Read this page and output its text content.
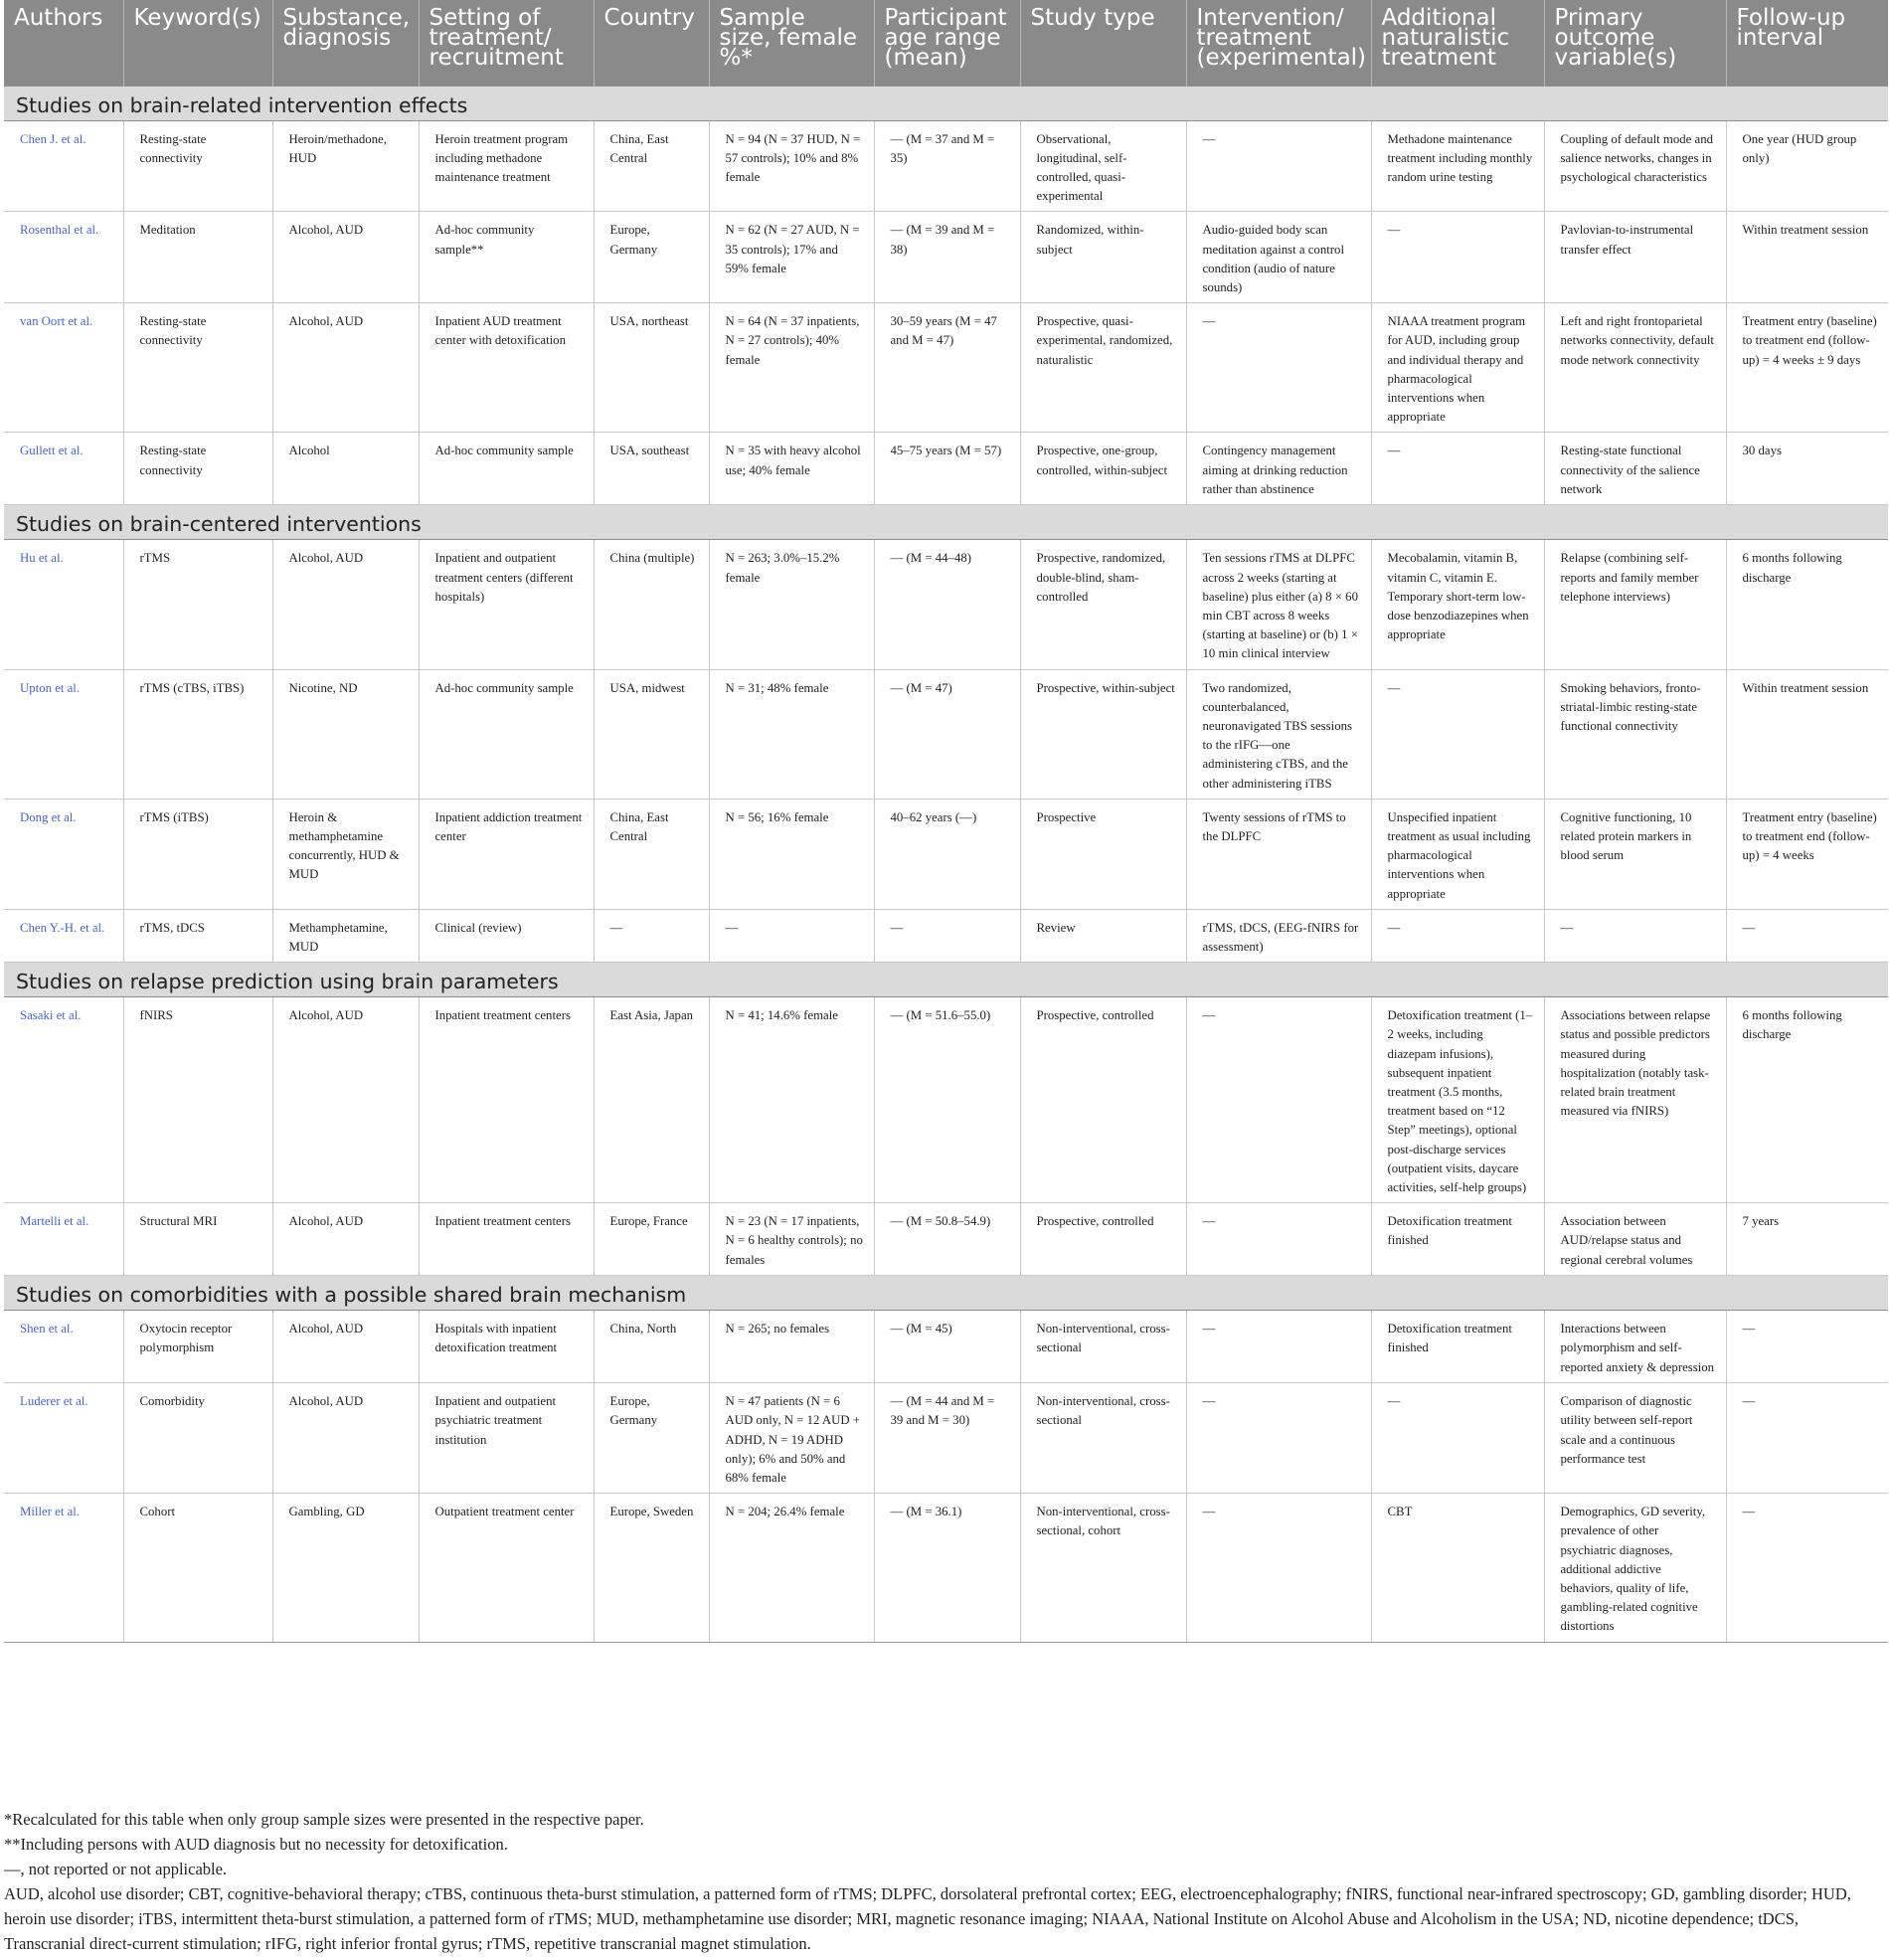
Authors	Keyword(s)	Substance, diagnosis	Setting of treatment/ recruitment	Country	Sample size, female %*	Participant age range (mean)	Study type	Intervention/ treatment (experimental)	Additional naturalistic treatment	Primary outcome variable(s)	Follow-up interval
Studies on brain-related intervention effects											
Chen J. et al.	Resting-state connectivity	Heroin/methadone, HUD	Heroin treatment program including methadone maintenance treatment	China, East Central	N = 94 (N = 37 HUD, N = 57 controls); 10% and 8% female	— (M = 37 and M = 35)	Observational, longitudinal, self-controlled, quasi-experimental	—	Methadone maintenance treatment including monthly random urine testing	Coupling of default mode and salience networks, changes in psychological characteristics	One year (HUD group only)
Rosenthal et al.	Meditation	Alcohol, AUD	Ad-hoc community sample**	Europe, Germany	N = 62 (N = 27 AUD, N = 35 controls); 17% and 59% female	— (M = 39 and M = 38)	Randomized, within-subject	Audio-guided body scan meditation against a control condition (audio of nature sounds)	—	Pavlovian-to-instrumental transfer effect	Within treatment session
van Oort et al.	Resting-state connectivity	Alcohol, AUD	Inpatient AUD treatment center with detoxification	USA, northeast	N = 64 (N = 37 inpatients, N = 27 controls); 40% female	30–59 years (M = 47 and M = 47)	Prospective, quasi-experimental, randomized, naturalistic	—	NIAAA treatment program for AUD, including group and individual therapy and pharmacological interventions when appropriate	Left and right frontoparietal networks connectivity, default mode network connectivity	Treatment entry (baseline) to treatment end (follow-up) = 4 weeks ± 9 days
Gullett et al.	Resting-state connectivity	Alcohol	Ad-hoc community sample	USA, southeast	N = 35 with heavy alcohol use; 40% female	45–75 years (M = 57)	Prospective, one-group, controlled, within-subject	Contingency management aiming at drinking reduction rather than abstinence	—	Resting-state functional connectivity of the salience network	30 days
Studies on brain-centered interventions											
Hu et al.	rTMS	Alcohol, AUD	Inpatient and outpatient treatment centers (different hospitals)	China (multiple)	N = 263; 3.0%–15.2% female	— (M = 44–48)	Prospective, randomized, double-blind, sham-controlled	Ten sessions rTMS at DLPFC across 2 weeks (starting at baseline) plus either (a) 8 × 60 min CBT across 8 weeks (starting at baseline) or (b) 1 × 10 min clinical interview	Mecobalamin, vitamin B, vitamin C, vitamin E. Temporary short-term low-dose benzodiazepines when appropriate	Relapse (combining self-reports and family member telephone interviews)	6 months following discharge
Upton et al.	rTMS (cTBS, iTBS)	Nicotine, ND	Ad-hoc community sample	USA, midwest	N = 31; 48% female	— (M = 47)	Prospective, within-subject	Two randomized, counterbalanced, neuronavigated TBS sessions to the rIFG—one administering cTBS, and the other administering iTBS	—	Smoking behaviors, fronto-striatal-limbic resting-state functional connectivity	Within treatment session
Dong et al.	rTMS (iTBS)	Heroin & methamphetamine concurrently, HUD & MUD	Inpatient addiction treatment center	China, East Central	N = 56; 16% female	40–62 years (—)	Prospective	Twenty sessions of rTMS to the DLPFC	Unspecified inpatient treatment as usual including pharmacological interventions when appropriate	Cognitive functioning, 10 related protein markers in blood serum	Treatment entry (baseline) to treatment end (follow-up) = 4 weeks
Chen Y.-H. et al.	rTMS, tDCS	Methamphetamine, MUD	Clinical (review)	—	—	—	Review	rTMS, tDCS, (EEG-fNIRS for assessment)	—	—	—
Studies on relapse prediction using brain parameters											
Sasaki et al.	fNIRS	Alcohol, AUD	Inpatient treatment centers	East Asia, Japan	N = 41; 14.6% female	— (M = 51.6–55.0)	Prospective, controlled	—	Detoxification treatment (1–2 weeks, including diazepam infusions), subsequent inpatient treatment (3.5 months, treatment based on “12 Step” meetings), optional post-discharge services (outpatient visits, daycare activities, self-help groups)	Associations between relapse status and possible predictors measured during hospitalization (notably task-related brain treatment measured via fNIRS)	6 months following discharge
Martelli et al.	Structural MRI	Alcohol, AUD	Inpatient treatment centers	Europe, France	N = 23 (N = 17 inpatients, N = 6 healthy controls); no females	— (M = 50.8–54.9)	Prospective, controlled	—	Detoxification treatment finished	Association between AUD/relapse status and regional cerebral volumes	7 years
Studies on comorbidities with a possible shared brain mechanism											
Shen et al.	Oxytocin receptor polymorphism	Alcohol, AUD	Hospitals with inpatient detoxification treatment	China, North	N = 265; no females	— (M = 45)	Non-interventional, cross-sectional	—	Detoxification treatment finished	Interactions between polymorphism and self-reported anxiety & depression	—
Luderer et al.	Comorbidity	Alcohol, AUD	Inpatient and outpatient psychiatric treatment institution	Europe, Germany	N = 47 patients (N = 6 AUD only, N = 12 AUD + ADHD, N = 19 ADHD only); 6% and 50% and 68% female	— (M = 44 and M = 39 and M = 30)	Non-interventional, cross-sectional	—	—	Comparison of diagnostic utility between self-report scale and a continuous performance test	—
Miller et al.	Cohort	Gambling, GD	Outpatient treatment center	Europe, Sweden	N = 204; 26.4% female	— (M = 36.1)	Non-interventional, cross-sectional, cohort	—	CBT	Demographics, GD severity, prevalence of other psychiatric diagnoses, additional addictive behaviors, quality of life, gambling-related cognitive distortions	—
*Recalculated for this table when only group sample sizes were presented in the respective paper.
**Including persons with AUD diagnosis but no necessity for detoxification.
—, not reported or not applicable.
AUD, alcohol use disorder; CBT, cognitive-behavioral therapy; cTBS, continuous theta-burst stimulation, a patterned form of rTMS; DLPFC, dorsolateral prefrontal cortex; EEG, electroencephalography; fNIRS, functional near-infrared spectroscopy; GD, gambling disorder; HUD, heroin use disorder; iTBS, intermittent theta-burst stimulation, a patterned form of rTMS; MUD, methamphetamine use disorder; MRI, magnetic resonance imaging; NIAAA, National Institute on Alcohol Abuse and Alcoholism in the USA; ND, nicotine dependence; tDCS, Transcranial direct-current stimulation; rIFG, right inferior frontal gyrus; rTMS, repetitive transcranial magnet stimulation.
